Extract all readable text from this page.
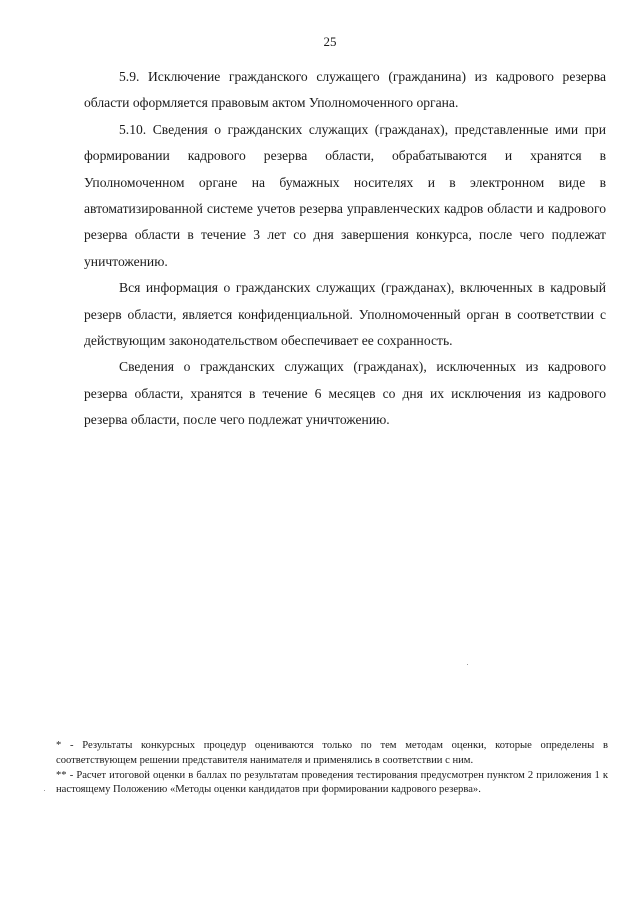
25

5.9. Исключение гражданского служащего (гражданина) из кадрового резерва области оформляется правовым актом Уполномоченного органа.

5.10. Сведения о гражданских служащих (гражданах), представленные ими при формировании кадрового резерва области, обрабатываются и хранятся в Уполномоченном органе на бумажных носителях и в электронном виде в автоматизированной системе учетов резерва управленческих кадров области и кадрового резерва области в течение 3 лет со дня завершения конкурса, после чего подлежат уничтожению.

Вся информация о гражданских служащих (гражданах), включенных в кадровый резерв области, является конфиденциальной. Уполномоченный орган в соответствии с действующим законодательством обеспечивает ее сохранность.

Сведения о гражданских служащих (гражданах), исключенных из кадрового резерва области, хранятся в течение 6 месяцев со дня их исключения из кадрового резерва области, после чего подлежат уничтожению.

* - Результаты конкурсных процедур оцениваются только по тем методам оценки, которые определены в соответствующем решении представителя нанимателя и применялись в соответствии с ним.

** - Расчет итоговой оценки в баллах по результатам проведения тестирования предусмотрен пунктом 2 приложения 1 к настоящему Положению «Методы оценки кандидатов при формировании кадрового резерва».
